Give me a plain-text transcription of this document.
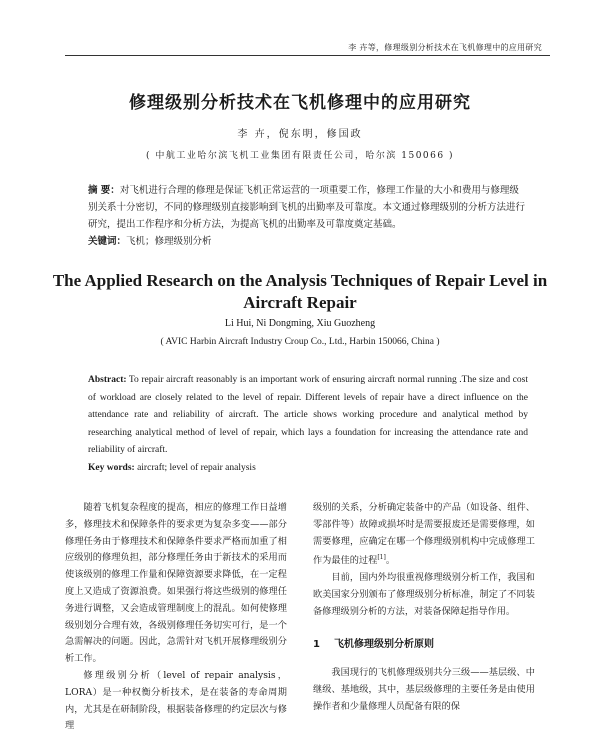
李 卉等，修理级别分析技术在飞机修理中的应用研究
修理级别分析技术在飞机修理中的应用研究
李 卉，倪东明，修国政
( 中航工业哈尔滨飞机工业集团有限责任公司，哈尔滨 150066 )
摘 要：对飞机进行合理的修理是保证飞机正常运营的一项重要工作，修理工作量的大小和费用与修理级别关系十分密切，不同的修理级别直接影响到飞机的出勤率及可靠度。本文通过修理级别的分析方法进行研究，提出工作程序和分析方法，为提高飞机的出勤率及可靠度奠定基础。
关键词：飞机；修理级别分析
The Applied Research on the Analysis Techniques of Repair Level in Aircraft Repair
Li Hui, Ni Dongming, Xiu Guozheng
( AVIC Harbin Aircraft Industry Croup Co., Ltd., Harbin 150066, China )
Abstract: To repair aircraft reasonably is an important work of ensuring aircraft normal running .The size and cost of workload are closely related to the level of repair. Different levels of repair have a direct influence on the attendance rate and reliability of aircraft. The article shows working procedure and analytical method by researching analytical method of level of repair, which lays a foundation for increasing the attendance rate and reliability of aircraft.
Key words: aircraft; level of repair analysis

随着飞机复杂程度的提高，相应的修理工作日益增多，修理技术和保障条件的要求更为复杂多变——部分修理任务由于修理技术和保障条件要求严格而加重了相应级别的修理负担，部分修理任务由于新技术的采用而使该级别的修理工作量和保障资源要求降低，在一定程度上又造成了资源浪费。如果强行将这些级别的修理任务进行调整，又会造成管理制度上的混乱。如何使修理级别划分合理有效，各级别修理任务切实可行，是一个急需解决的问题。因此，急需针对飞机开展修理级别分析工作。

修理级别分析（level of repair analysis，LORA）是一种权衡分析技术，是在装备的寿命周期内，尤其是在研制阶段，根据装备修理的约定层次与修理

级别的关系，分析确定装备中的产品（如设备、组件、零部件等）故障或损坏时是需要报废还是需要修理，如需要修理，应确定在哪一个修理级别机构中完成修理工作为最佳的过程[1]。

目前，国内外均很重视修理级别分析工作，我国和欧美国家分别颁布了修理级别分析标准，制定了不同装备修理级别分析的方法，对装备保障起指导作用。

1 飞机修理级别分析原则

我国现行的飞机修理级别共分三级——基层级、中继级、基地级，其中，基层级修理的主要任务是由使用操作者和少量修理人员配备有限的保
